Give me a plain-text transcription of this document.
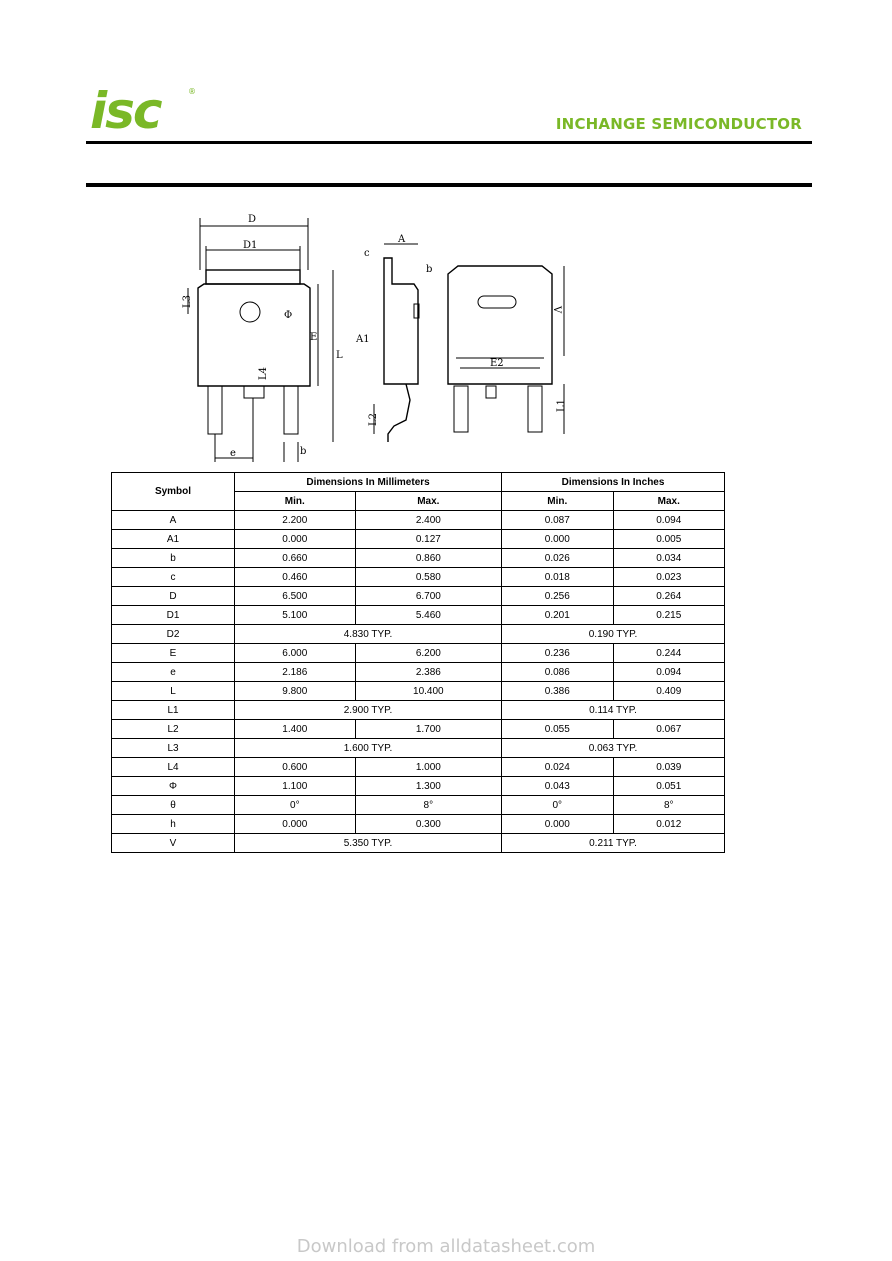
isc	®
INCHANGE SEMICONDUCTOR
D
D1
L3
Φ
L
E
L4
e	b
c
A
b
A1
L2
V
E2
L1
Symbol	Dimensions In Millimeters		Dimensions In Inches	
	Min.	Max.	Min.	Max.
A	2.200	2.400	0.087	0.094
A1	0.000	0.127	0.000	0.005
b	0.660	0.860	0.026	0.034
c	0.460	0.580	0.018	0.023
D	6.500	6.700	0.256	0.264
D1	5.100	5.460	0.201	0.215
D2	4.830 TYP.		0.190 TYP.	
E	6.000	6.200	0.236	0.244
e	2.186	2.386	0.086	0.094
L	9.800	10.400	0.386	0.409
L1	2.900 TYP.		0.114 TYP.	
L2	1.400	1.700	0.055	0.067
L3	1.600 TYP.		0.063 TYP.	
L4	0.600	1.000	0.024	0.039
Φ	1.100	1.300	0.043	0.051
θ	0°	8°	0°	8°
h	0.000	0.300	0.000	0.012
V	5.350 TYP.		0.211 TYP.	
Download from alldatasheet.com
